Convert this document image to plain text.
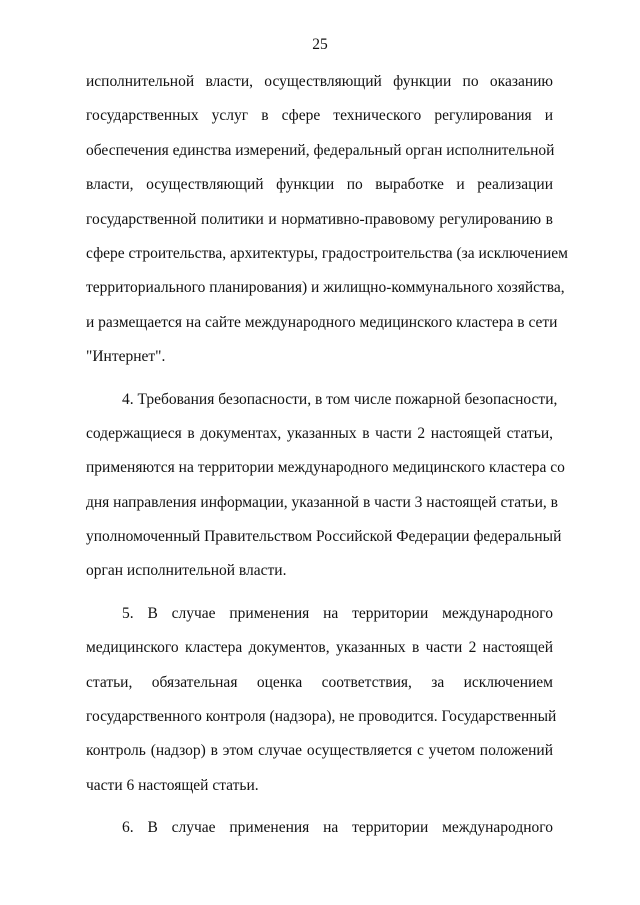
25
исполнительной власти, осуществляющий функции по оказанию
государственных услуг в сфере технического регулирования и
обеспечения единства измерений, федеральный орган исполнительной
власти, осуществляющий функции по выработке и реализации
государственной политики и нормативно-правовому регулированию в
сфере строительства, архитектуры, градостроительства (за исключением
территориального планирования) и жилищно-коммунального хозяйства,
и размещается на сайте международного медицинского кластера в сети
"Интернет".
4. Требования безопасности, в том числе пожарной безопасности,
содержащиеся в документах, указанных в части 2 настоящей статьи,
применяются на территории международного медицинского кластера со
дня направления информации, указанной в части 3 настоящей статьи, в
уполномоченный Правительством Российской Федерации федеральный
орган исполнительной власти.
5. В случае применения на территории международного
медицинского кластера документов, указанных в части 2 настоящей
статьи, обязательная оценка соответствия, за исключением
государственного контроля (надзора), не проводится. Государственный
контроль (надзор) в этом случае осуществляется с учетом положений
части 6 настоящей статьи.
6. В случае применения на территории международного
